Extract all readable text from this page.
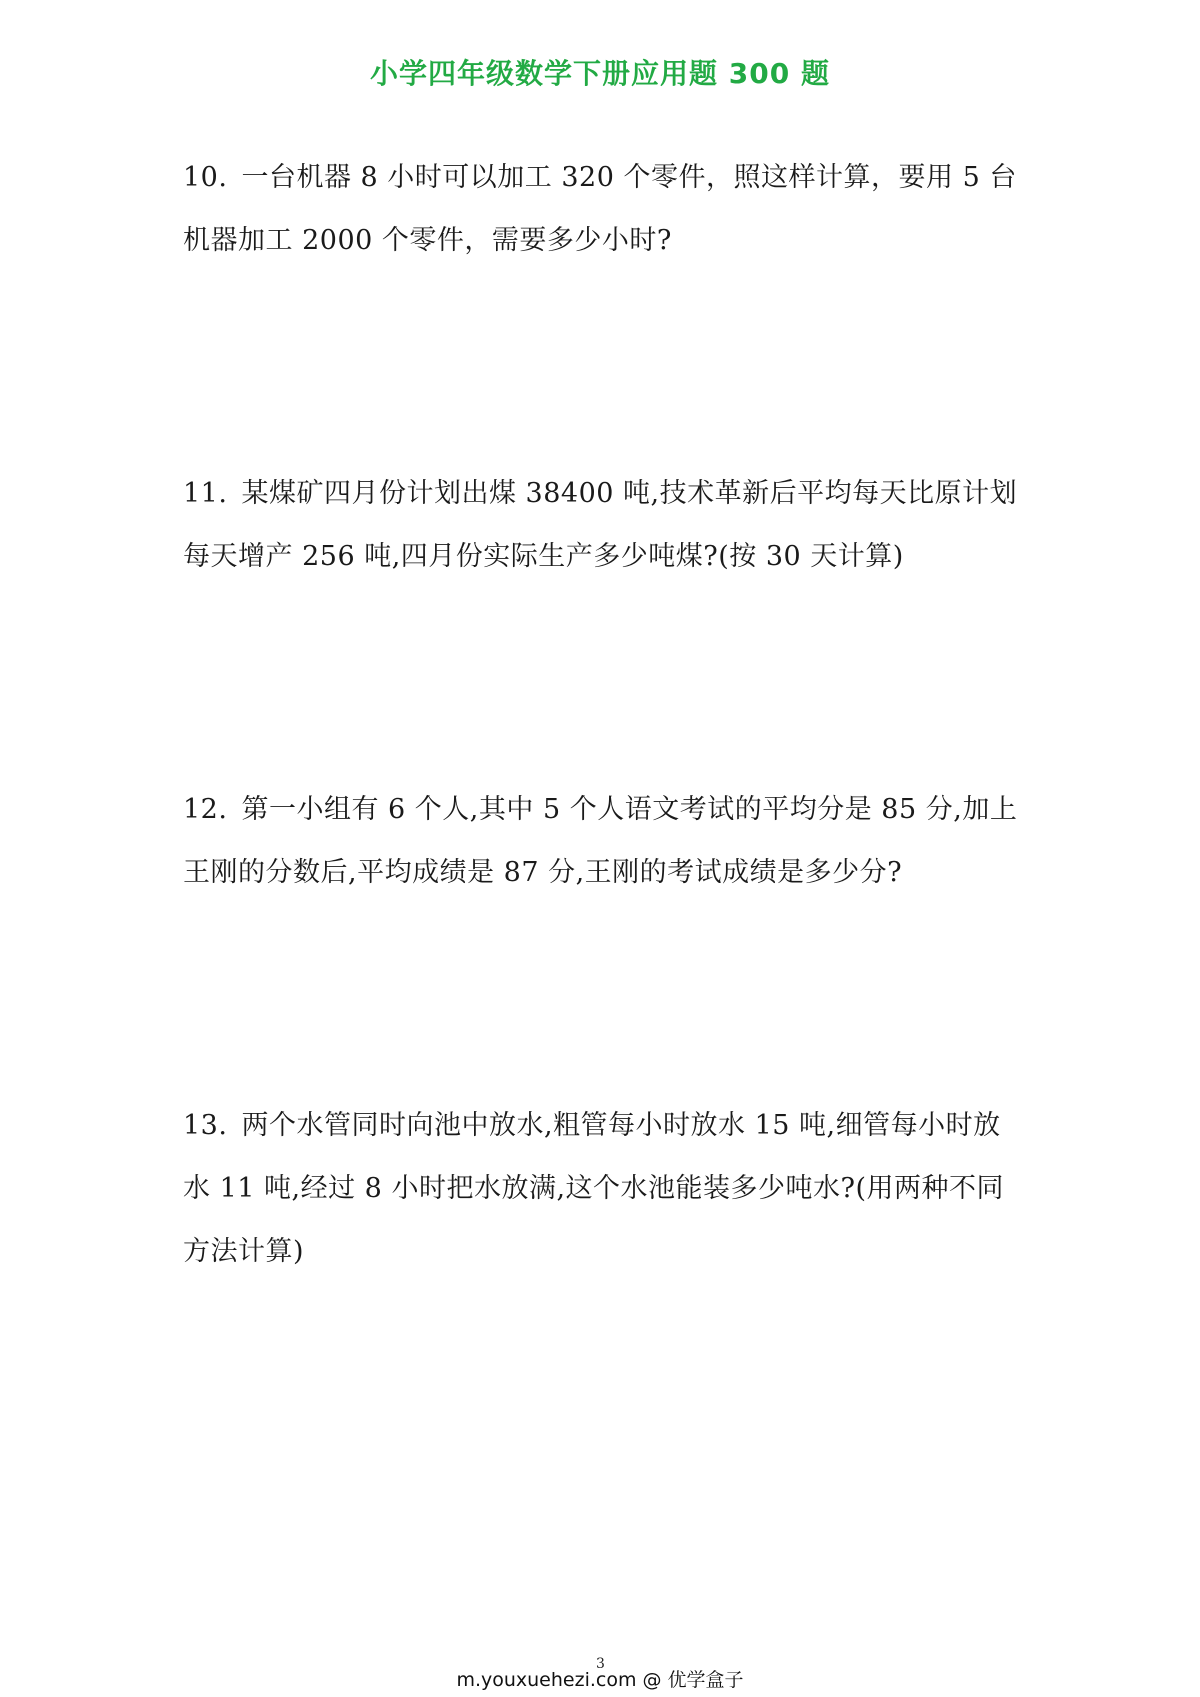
小学四年级数学下册应用题 300 题
10. 一台机器 8 小时可以加工 320 个零件，照这样计算，要用 5 台机器加工 2000 个零件，需要多少小时?
11. 某煤矿四月份计划出煤 38400 吨,技术革新后平均每天比原计划每天增产 256 吨,四月份实际生产多少吨煤?(按 30 天计算)
12. 第一小组有 6 个人,其中 5 个人语文考试的平均分是 85 分,加上王刚的分数后,平均成绩是 87 分,王刚的考试成绩是多少分?
13. 两个水管同时向池中放水,粗管每小时放水 15 吨,细管每小时放水 11 吨,经过 8 小时把水放满,这个水池能装多少吨水?(用两种不同方法计算)
3
m.youxuehezi.com @ 优学盒子
